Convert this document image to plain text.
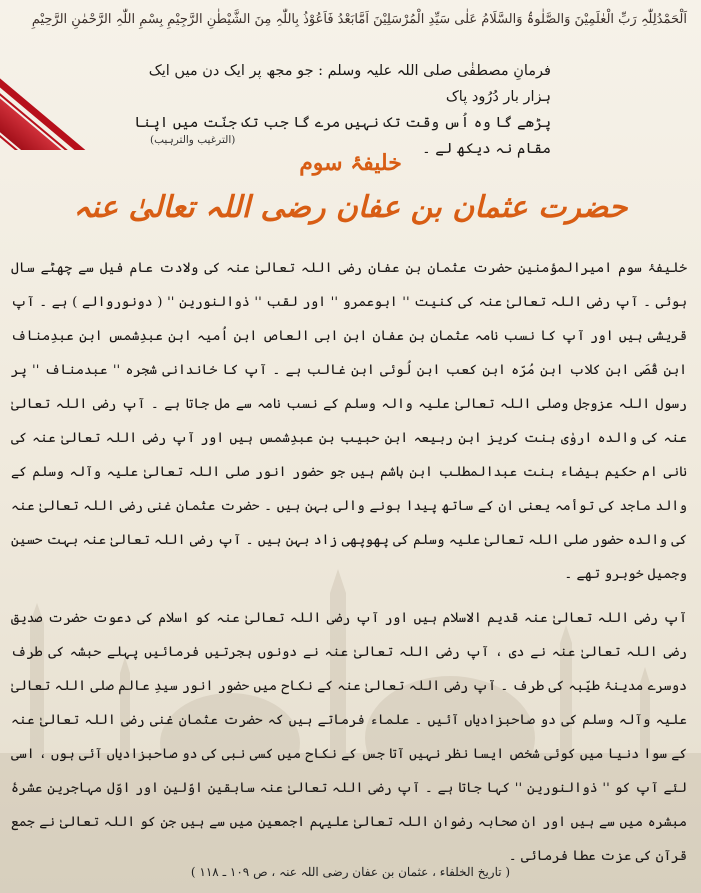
اَلْحَمْدُلِلّٰہِ رَبِّ الْعٰلَمِیْنَ وَالصَّلٰوۃُ وَالسَّلَامُ عَلٰی سَیِّدِ الْمُرْسَلِیْنَ اَمَّابَعْدُ فَاَعُوْذُ بِاللّٰہِ مِنَ الشَّیْطٰنِ الرَّجِیْمِ بِسْمِ اللّٰہِ الرَّحْمٰنِ الرَّحِیْمِ
فرمانِ مصطفٰی صلی اللہ علیہ وسلم : جو مجھ پر ایک دن میں ایک ہزار بار دُرُود پاک
پڑھے گا وہ اُس وقت تک نہیں مرے گا جب تک جنّت میں اپنا مقام نہ دیکھ لے ۔
(الترغیب والترہیب)
خلیفۂ سوم
حضرت عثمان بن عفان رضی اللہ تعالیٰ عنہ

خلیفۂ سوم امیرالمؤمنین حضرت عثمان بن عفان رضی اللہ تعالیٰ عنہ کی ولادت عام فیل سے چھٹے سال ہوئی ۔ آپ رضی اللہ تعالیٰ عنہ کی کنیت '' ابوعمرو '' اور لقب '' ذوالنورین '' ( دونوروالے ) ہے ۔ آپ قریشی ہیں اور آپ کا نسب نامہ عثمان بن عفان ابن ابی العاص ابن اُمیہ ابن عبدِشمس ابن عبدِمناف ابن قُصَی ابن کلاب ابن مُرّہ ابن کعب ابن لُوئی ابن غالب ہے ۔ آپ کا خاندانی شجرہ '' عبدمناف '' پر رسول اللہ عزوجل وصلی اللہ تعالیٰ علیہ والہ وسلم کے نسب نامہ سے مل جاتا ہے ۔ آپ رضی اللہ تعالیٰ عنہ کی والدہ اروٰی بنت کریز ابن ربیعہ ابن حبیب بن عبدِشمس ہیں اور آپ رضی اللہ تعالیٰ عنہ کی نانی ام حکیم بیضاء بنت عبدالمطلب ابن ہاشم ہیں جو حضور انور صلی اللہ تعالیٰ علیہ وآلہ وسلم کے والد ماجد کی توأمہ یعنی ان کے ساتھ پیدا ہونے والی بہن ہیں ۔ حضرت عثمان غنی رضی اللہ تعالیٰ عنہ کی والدہ حضور صلی اللہ تعالیٰ علیہ وسلم کی پھوپھی زاد بہن ہیں ۔ آپ رضی اللہ تعالیٰ عنہ بہت حسین وجمیل خوبرو تھے ۔

آپ رضی اللہ تعالیٰ عنہ قدیم الاسلام ہیں اور آپ رضی اللہ تعالیٰ عنہ کو اسلام کی دعوت حضرت صدیق رضی اللہ تعالیٰ عنہ نے دی ، آپ رضی اللہ تعالیٰ عنہ نے دونوں ہجرتیں فرمائیں پہلے حبشہ کی طرف دوسرے مدینۂ طیّبہ کی طرف ۔ آپ رضی اللہ تعالیٰ عنہ کے نکاح میں حضور انور سیدِ عالم صلی اللہ تعالیٰ علیہ وآلہ وسلم کی دو صاحبزادیاں آئیں ۔ علماء فرماتے ہیں کہ حضرت عثمان غنی رضی اللہ تعالیٰ عنہ کے سوا دنیا میں کوئی شخص ایسا نظر نہیں آتا جس کے نکاح میں کسی نبی کی دو صاحبزادیاں آئی ہوں ، اسی لئے آپ کو '' ذوالنورین '' کہا جاتا ہے ۔ آپ رضی اللہ تعالیٰ عنہ سابقین اوّلین اور اوّل مہاجرین عشرۂ مبشرہ میں سے ہیں اور ان صحابہ رضوان اللہ تعالیٰ علیہم اجمعین میں سے ہیں جن کو اللہ تعالیٰ نے جمع قرآن کی عزت عطا فرمائی ۔

( تاریخ الخلفاء ، عثمان بن عفان رضی اللہ عنہ ، ص ١٠٩ ـ ١١٨ )
